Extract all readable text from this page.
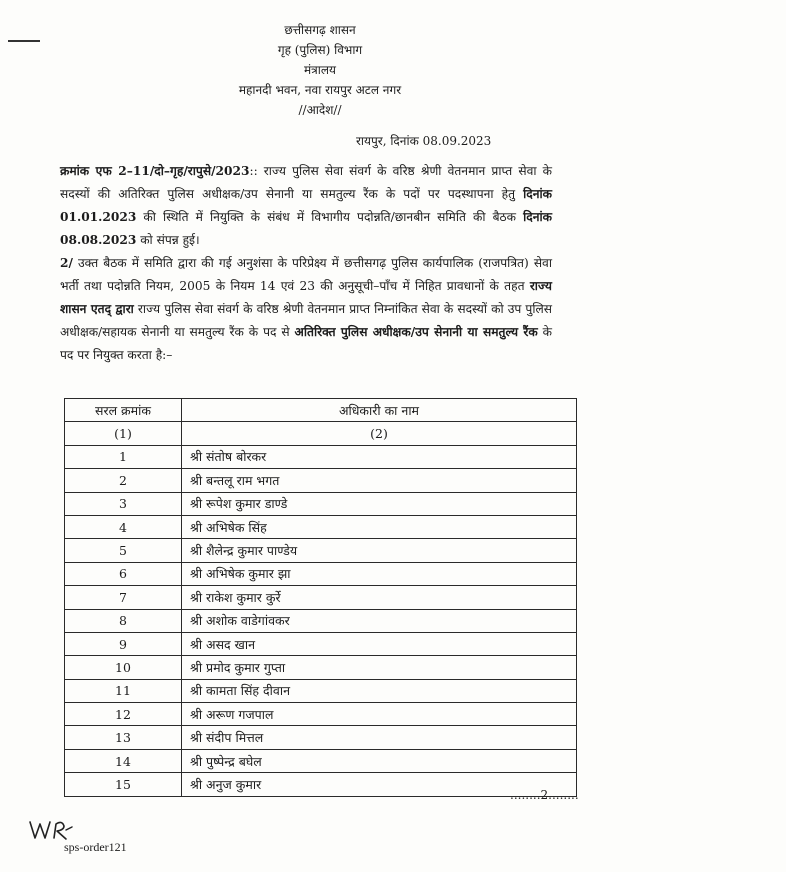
छत्तीसगढ़ शासन
गृह (पुलिस) विभाग
मंत्रालय
महानदी भवन, नवा रायपुर अटल नगर
//आदेश//
रायपुर, दिनांक 08.09.2023

क्रमांक एफ 2–11/दो–गृह/रापुसे/2023:: राज्य पुलिस सेवा संवर्ग के वरिष्ठ श्रेणी वेतनमान प्राप्त सेवा के सदस्यों की अतिरिक्त पुलिस अधीक्षक/उप सेनानी या समतुल्य रैंक के पदों पर पदस्थापना हेतु दिनांक 01.01.2023 की स्थिति में नियुक्ति के संबंध में विभागीय पदोन्नति/छानबीन समिति की बैठक दिनांक 08.08.2023 को संपन्न हुई।

2/ उक्त बैठक में समिति द्वारा की गई अनुशंसा के परिप्रेक्ष्य में छत्तीसगढ़ पुलिस कार्यपालिक (राजपत्रित) सेवा भर्ती तथा पदोन्नति नियम, 2005 के नियम 14 एवं 23 की अनुसूची–पाँच में निहित प्रावधानों के तहत राज्य शासन एतद् द्वारा राज्य पुलिस सेवा संवर्ग के वरिष्ठ श्रेणी वेतनमान प्राप्त निम्नांकित सेवा के सदस्यों को उप पुलिस अधीक्षक/सहायक सेनानी या समतुल्य रैंक के पद से अतिरिक्त पुलिस अधीक्षक/उप सेनानी या समतुल्य रैंक के पद पर नियुक्त करता है:–

सरल क्रमांक	अधिकारी का नाम
(1)	(2)
1	श्री संतोष बोरकर
2	श्री बन्तलू राम भगत
3	श्री रूपेश कुमार डाण्डे
4	श्री अभिषेक सिंह
5	श्री शैलेन्द्र कुमार पाण्डेय
6	श्री अभिषेक कुमार झा
7	श्री राकेश कुमार कुर्रे
8	श्री अशोक वाडेगांवकर
9	श्री असद खान
10	श्री प्रमोद कुमार गुप्ता
11	श्री कामता सिंह दीवान
12	श्री अरूण गजपाल
13	श्री संदीप मित्तल
14	श्री पुष्पेन्द्र बघेल
15	श्री अनुज कुमार
........2........
sps-order121
